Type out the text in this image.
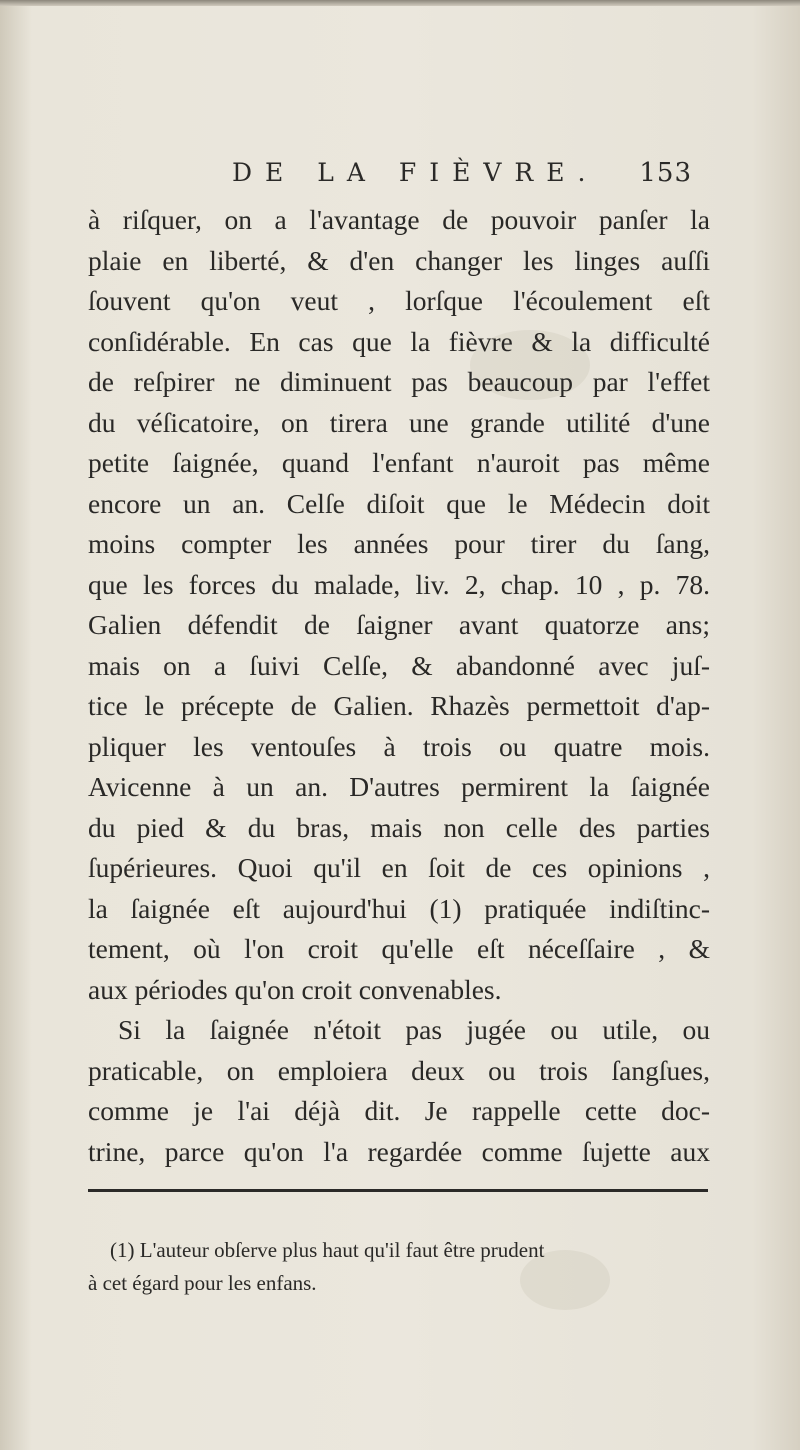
DE LA FIÈVRE. 153
à riſquer, on a l'avantage de pouvoir panſer la
plaie en liberté, & d'en changer les linges auſſi
ſouvent qu'on veut , lorſque l'écoulement eſt
conſidérable. En cas que la fièvre & la difficulté
de reſpirer ne diminuent pas beaucoup par l'effet
du véſicatoire, on tirera une grande utilité d'une
petite ſaignée, quand l'enfant n'auroit pas même
encore un an. Celſe diſoit que le Médecin doit
moins compter les années pour tirer du ſang,
que les forces du malade, liv. 2, chap. 10 , p. 78.
Galien défendit de ſaigner avant quatorze ans;
mais on a ſuivi Celſe, & abandonné avec juſ-
tice le précepte de Galien. Rhazès permettoit d'ap-
pliquer les ventouſes à trois ou quatre mois.
Avicenne à un an. D'autres permirent la ſaignée
du pied & du bras, mais non celle des parties
ſupérieures. Quoi qu'il en ſoit de ces opinions ,
la ſaignée eſt aujourd'hui (1) pratiquée indiſtinc-
tement, où l'on croit qu'elle eſt néceſſaire , &
aux périodes qu'on croit convenables.
Si la ſaignée n'étoit pas jugée ou utile, ou
praticable, on emploiera deux ou trois ſangſues,
comme je l'ai déjà dit. Je rappelle cette doc-
trine, parce qu'on l'a regardée comme ſujette aux
(1) L'auteur obſerve plus haut qu'il faut être prudent
à cet égard pour les enfans.
